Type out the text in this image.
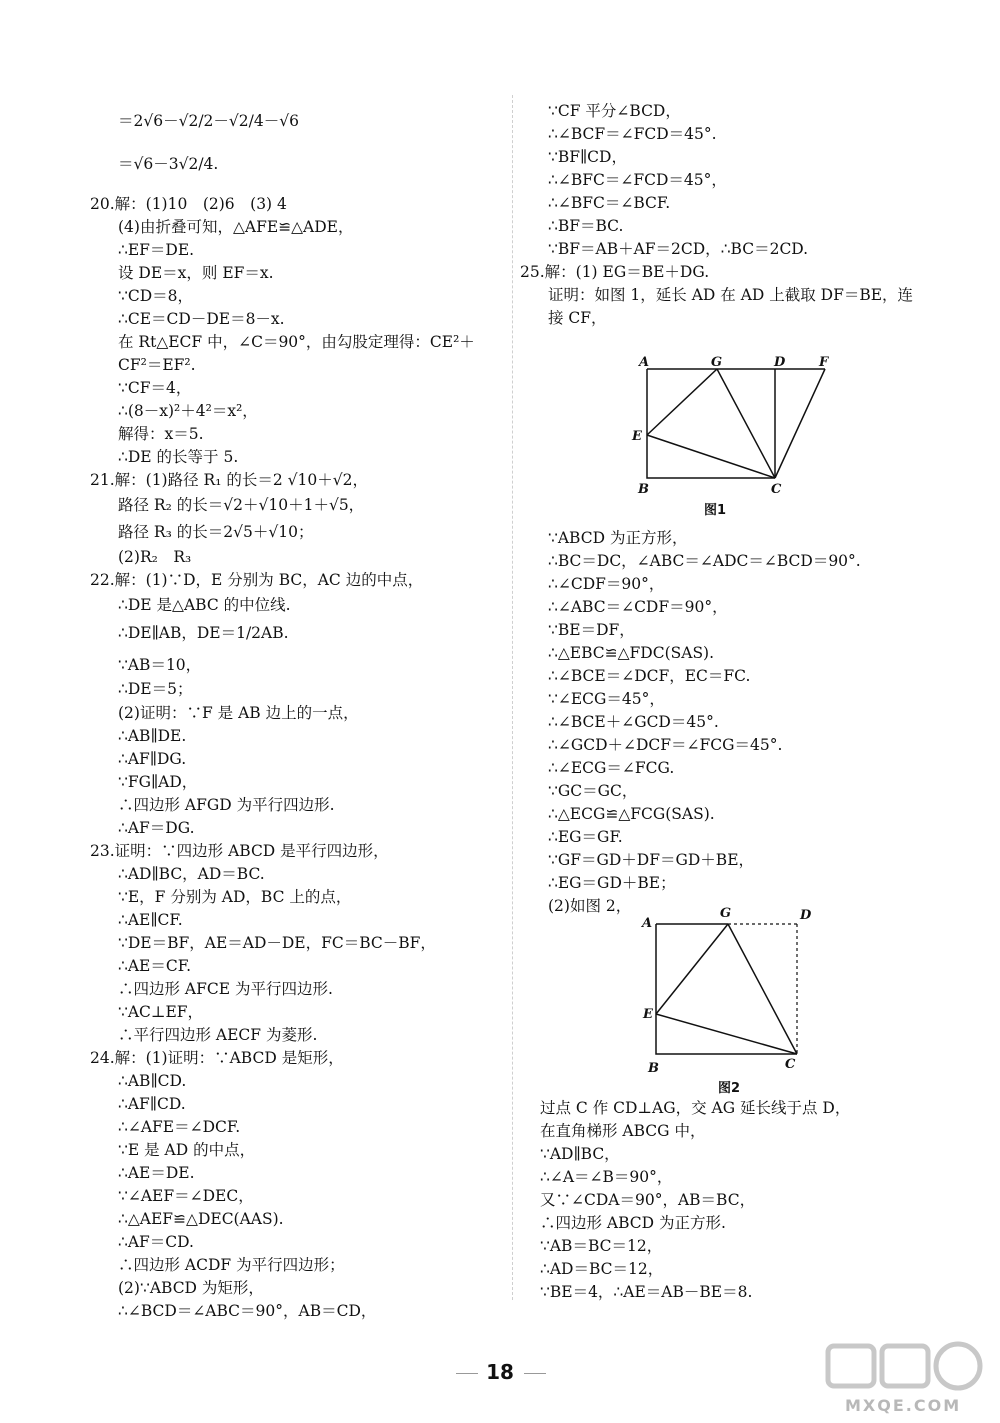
＝2√6－√2/2－√2/4－√6
＝√6－3√2/4.
20.解：(1)10　(2)6　(3) 4
(4)由折叠可知，△AFE≌△ADE，
∴EF＝DE.
设 DE＝x，则 EF＝x.
∵CD＝8，
∴CE＝CD－DE＝8－x.
在 Rt△ECF 中，∠C＝90°，由勾股定理得：CE²＋
CF²＝EF².
∵CF＝4，
∴(8－x)²＋4²＝x²，
解得：x＝5.
∴DE 的长等于 5.
21.解：(1)路径 R₁ 的长＝2 √10＋√2，
路径 R₂ 的长＝√2＋√10＋1＋√5，
路径 R₃ 的长＝2√5＋√10；
(2)R₂　R₃
22.解：(1)∵D，E 分别为 BC，AC 边的中点，
∴DE 是△ABC 的中位线.
∴DE∥AB，DE＝1/2AB.
∵AB＝10，
∴DE＝5；
(2)证明：∵F 是 AB 边上的一点，
∴AB∥DE.
∴AF∥DG.
∵FG∥AD，
∴四边形 AFGD 为平行四边形.
∴AF＝DG.
23.证明：∵四边形 ABCD 是平行四边形，
∴AD∥BC，AD＝BC.
∵E，F 分别为 AD，BC 上的点，
∴AE∥CF.
∵DE＝BF，AE＝AD－DE，FC＝BC－BF，
∴AE＝CF.
∴四边形 AFCE 为平行四边形.
∵AC⊥EF，
∴平行四边形 AECF 为菱形.
24.解：(1)证明：∵ABCD 是矩形，
∴AB∥CD.
∴AF∥CD.
∴∠AFE＝∠DCF.
∵E 是 AD 的中点，
∴AE＝DE.
∵∠AEF＝∠DEC，
∴△AEF≌△DEC(AAS).
∴AF＝CD.
∴四边形 ACDF 为平行四边形；
(2)∵ABCD 为矩形，
∴∠BCD＝∠ABC＝90°，AB＝CD，
∵CF 平分∠BCD，
∴∠BCF＝∠FCD＝45°.
∵BF∥CD，
∴∠BFC＝∠FCD＝45°，
∴∠BFC＝∠BCF.
∴BF＝BC.
∵BF＝AB＋AF＝2CD，∴BC＝2CD.
25.解：(1) EG＝BE＋DG.
证明：如图 1，延长 AD 在 AD 上截取 DF＝BE，连
接 CF，
∵ABCD 为正方形，
∴BC＝DC，∠ABC＝∠ADC＝∠BCD＝90°.
∴∠CDF＝90°，
∴∠ABC＝∠CDF＝90°，
∵BE＝DF，
∴△EBC≌△FDC(SAS).
∴∠BCE＝∠DCF，EC＝FC.
∵∠ECG＝45°，
∴∠BCE＋∠GCD＝45°.
∴∠GCD＋∠DCF＝∠FCG＝45°.
∴∠ECG＝∠FCG.
∵GC＝GC，
∴△ECG≌△FCG(SAS).
∴EG＝GF.
∵GF＝GD＋DF＝GD＋BE，
∴EG＝GD＋BE；
(2)如图 2，
过点 C 作 CD⊥AG，交 AG 延长线于点 D，
在直角梯形 ABCG 中，
∵AD∥BC，
∴∠A＝∠B＝90°，
又∵∠CDA＝90°，AB＝BC，
∴四边形 ABCD 为正方形.
∵AB＝BC＝12，
∴AD＝BC＝12，
∵BE＝4，∴AE＝AB－BE＝8.
A	G	D	F
E
B	C
图1
A
G	D
E
B	C
图2
18
MXQE.COM
